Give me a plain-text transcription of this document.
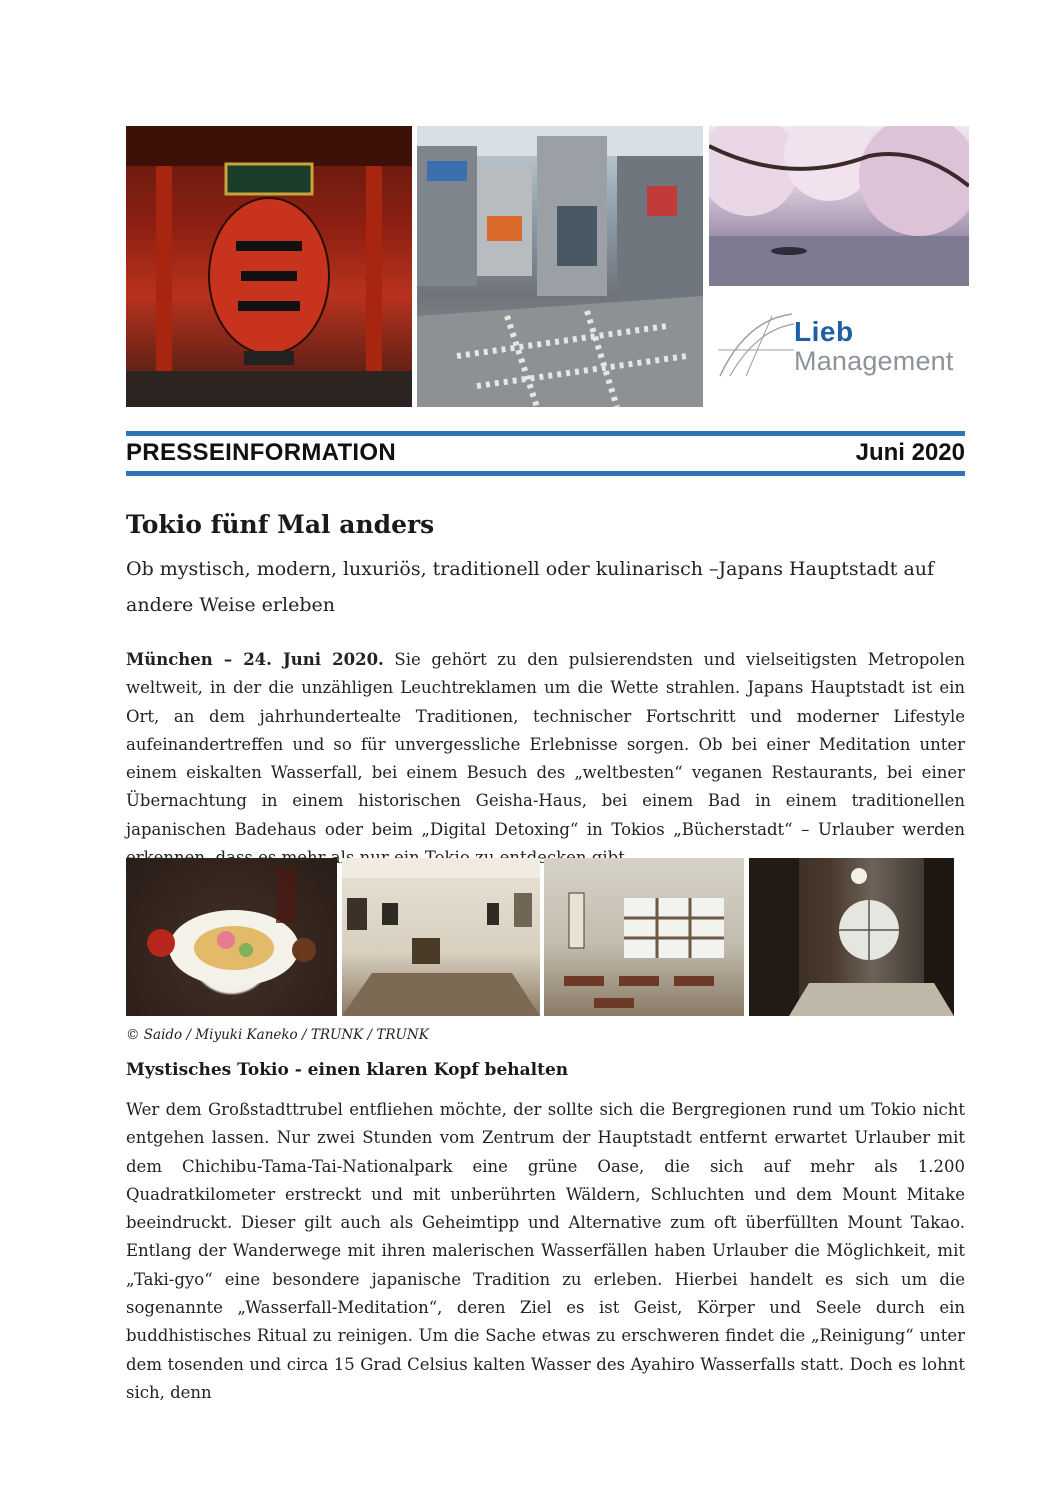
Lieb
Management
PRESSEINFORMATION	Juni 2020
Tokio fünf Mal anders
Ob mystisch, modern, luxuriös, traditionell oder kulinarisch –Japans Hauptstadt auf andere Weise erleben
München – 24. Juni 2020. Sie gehört zu den pulsierendsten und vielseitigsten Metropolen weltweit, in der die unzähligen Leuchtreklamen um die Wette strahlen. Japans Hauptstadt ist ein Ort, an dem jahrhundertealte Traditionen, technischer Fortschritt und moderner Lifestyle aufeinandertreffen und so für unvergessliche Erlebnisse sorgen. Ob bei einer Meditation unter einem eiskalten Wasserfall, bei einem Besuch des „weltbesten“ veganen Restaurants, bei einer Übernachtung in einem historischen Geisha-Haus, bei einem Bad in einem traditionellen japanischen Badehaus oder beim „Digital Detoxing“ in Tokios „Bücherstadt“ – Urlauber werden
© Saido / Miyuki Kaneko / TRUNK / TRUNK
Mystisches Tokio - einen klaren Kopf behalten
Wer dem Großstadttrubel entfliehen möchte, der sollte sich die Bergregionen rund um Tokio nicht entgehen lassen. Nur zwei Stunden vom Zentrum der Hauptstadt entfernt erwartet Urlauber mit dem Chichibu-Tama-Tai-Nationalpark eine grüne Oase, die sich auf mehr als 1.200 Quadratkilometer erstreckt und mit unberührten Wäldern, Schluchten und dem Mount Mitake beeindruckt. Dieser gilt auch als Geheimtipp und Alternative zum oft überfüllten Mount Takao. Entlang der Wanderwege mit ihren malerischen Wasserfällen haben Urlauber die Möglichkeit, mit „Taki-gyo“ eine besondere japanische Tradition zu erleben. Hierbei handelt es sich um die sogenannte „Wasserfall-Meditation“, deren Ziel es ist Geist, Körper und Seele durch ein buddhistisches Ritual zu reinigen. Um die Sache etwas zu erschweren findet die „Reinigung“ unter dem tosenden und circa 15 Grad Celsius kalten Wasser des Ayahiro Wasserfalls statt. Doch es lohnt sich, denn
